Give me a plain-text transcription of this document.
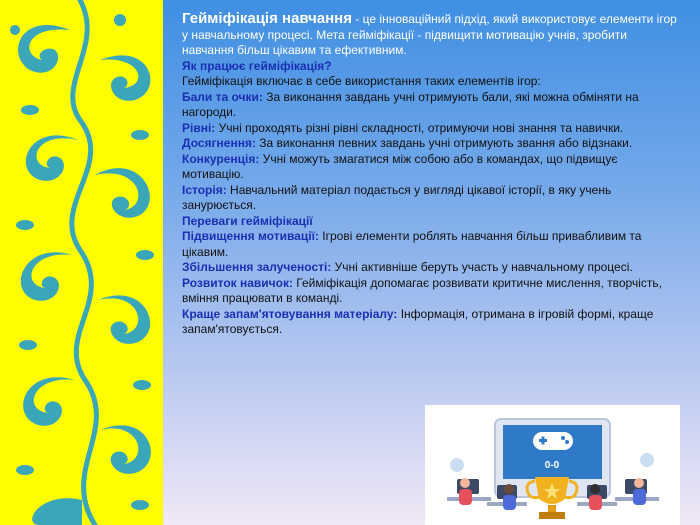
Гейміфікація навчання - це інноваційний підхід, який використовує елементи ігор у навчальному процесі. Мета гейміфікації - підвищити мотивацію учнів, зробити навчання більш цікавим та ефективним.

Як працює гейміфікація?

Гейміфікація включає в себе використання таких елементів ігор:

Бали та очки: За виконання завдань учні отримують бали, які можна обміняти на нагороди.

Рівні: Учні проходять різні рівні складності, отримуючи нові знання та навички.

Досягнення: За виконання певних завдань учні отримують звання або відзнаки.

Конкуренція: Учні можуть змагатися між собою або в командах, що підвищує мотивацію.

Історія: Навчальний матеріал подається у вигляді цікавої історії, в яку учень занурюється.

Переваги гейміфікації

Підвищення мотивації: Ігрові елементи роблять навчання більш привабливим та цікавим.

Збільшення залученості: Учні активніше беруть участь у навчальному процесі.

Розвиток навичок: Гейміфікація допомагає розвивати критичне мислення, творчість, вміння працювати в команді.

Краще запам'ятовування матеріалу: Інформація, отримана в ігровій формі, краще запам'ятовується.

0-0
